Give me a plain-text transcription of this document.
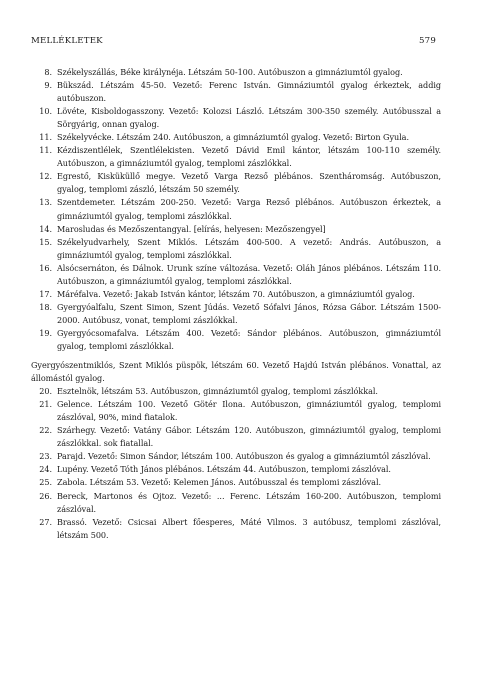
MELLÉKLETEK	579
8. Székelyszállás, Béke királynéja. Létszám 50-100. Autóbuszon a gimnáziumtól gyalog.
9. Bükszád. Létszám 45-50. Vezető: Ferenc István. Gimnáziumtól gyalog érkeztek, addig autóbuszon.
10. Lövéte, Kisboldogasszony. Vezető: Kolozsi László. Létszám 300-350 személy. Autóbusszal a Sörgyárig, onnan gyalog.
11. Székelyvécke. Létszám 240. Autóbuszon, a gimnáziumtól gyalog. Vezető: Birton Gyula.
11. Kézdiszentlélek, Szentlélekisten. Vezető Dávid Emil kántor, létszám 100-110 személy. Autóbuszon, a gimnáziumtól gyalog, templomi zászlókkal.
12. Egrestő, Kisküküllő megye. Vezető Varga Rezső plébános. Szentháromság. Autóbuszon, gyalog, templomi zászló, létszám 50 személy.
13. Szentdemeter. Létszám 200-250. Vezető: Varga Rezső plébános. Autóbuszon érkeztek, a gimnáziumtól gyalog, templomi zászlókkal.
14. Marosludas és Mezőszentangyal. [elírás, helyesen: Mezőszengyel]
15. Székelyudvarhely, Szent Miklós. Létszám 400-500. A vezető: András. Autóbuszon, a gimnáziumtól gyalog, templomi zászlókkal.
16. Alsócsernáton, és Dálnok. Urunk színe változása. Vezető: Oláh János plébános. Létszám 110. Autóbuszon, a gimnáziumtól gyalog, templomi zászlókkal.
17. Máréfalva. Vezető: Jakab István kántor, létszám 70. Autóbuszon, a gimnáziumtól gyalog.
18. Gyergyóalfalu, Szent Simon, Szent Júdás. Vezető Sófalvi János, Rózsa Gábor. Létszám 1500-2000. Autóbusz, vonat, templomi zászlókkal.
19. Gyergyócsomafalva. Létszám 400. Vezető: Sándor plébános. Autóbuszon, gimnáziumtól gyalog, templomi zászlókkal.

Gyergyószentmiklós, Szent Miklós püspök, létszám 60. Vezető Hajdú István plébános. Vonattal, az állomástól gyalog.

20. Esztelnök, létszám 53. Autóbuszon, gimnáziumtól gyalog, templomi zászlókkal.
21. Gelence. Létszám 100. Vezető Götér Ilona. Autóbuszon, gimnáziumtól gyalog, templomi zászlóval, 90%, mind fiatalok.
22. Szárhegy. Vezető: Vatány Gábor. Létszám 120. Autóbuszon, gimnáziumtól gyalog, templomi zászlókkal. sok fiatallal.
23. Parajd. Vezető: Simon Sándor, létszám 100. Autóbuszon és gyalog a gimnáziumtól zászlóval.
24. Lupény. Vezető Tóth János plébános. Létszám 44. Autóbuszon, templomi zászlóval.
25. Zabola. Létszám 53. Vezető: Kelemen János. Autóbusszal és templomi zászlóval.
26. Bereck, Martonos és Ojtoz. Vezető: ... Ferenc. Létszám 160-200. Autóbuszon, templomi zászlóval.
27. Brassó. Vezető: Csicsai Albert főesperes, Máté Vilmos. 3 autóbusz, templomi zászlóval, létszám 500.
